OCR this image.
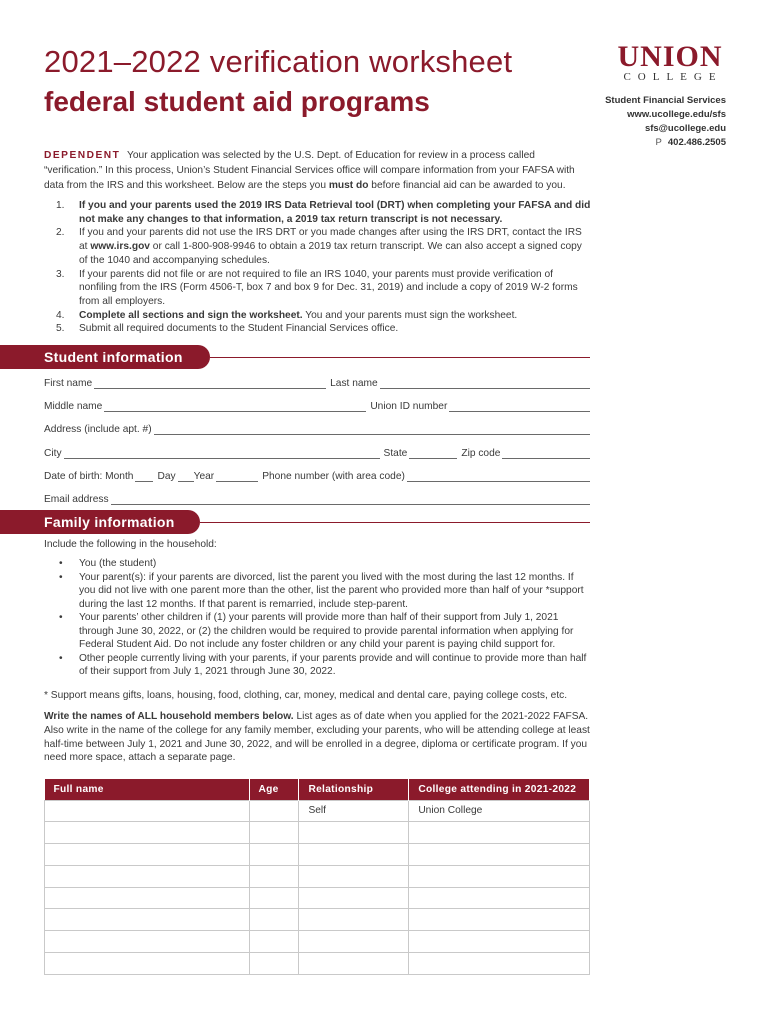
2021–2022 verification worksheet
federal student aid programs
UNION
COLLEGE
Student Financial Services
www.ucollege.edu/sfs
sfs@ucollege.edu
P 402.486.2505
DEPENDENT Your application was selected by the U.S. Dept. of Education for review in a process called “verification.” In this process, Union’s Student Financial Services office will compare information from your FAFSA with data from the IRS and this worksheet. Below are the steps you must do before financial aid can be awarded to you.
1. If you and your parents used the 2019 IRS Data Retrieval tool (DRT) when completing your FAFSA and did not make any changes to that information, a 2019 tax return transcript is not necessary.
2. If you and your parents did not use the IRS DRT or you made changes after using the IRS DRT, contact the IRS at www.irs.gov or call 1-800-908-9946 to obtain a 2019 tax return transcript. We can also accept a signed copy of the 1040 and accompanying schedules.
3. If your parents did not file or are not required to file an IRS 1040, your parents must provide verification of nonfiling from the IRS (Form 4506-T, box 7 and box 9 for Dec. 31, 2019) and include a copy of 2019 W-2 forms from all employers.
4. Complete all sections and sign the worksheet. You and your parents must sign the worksheet.
5. Submit all required documents to the Student Financial Services office.
Student information
First name	Last name
Middle name	Union ID number
Address (include apt. #)
City	State	Zip code
Date of birth: Month Day Year	Phone number (with area code)
Email address
Family information
Include the following in the household:
• You (the student)
• Your parent(s): if your parents are divorced, list the parent you lived with the most during the last 12 months. If you did not live with one parent more than the other, list the parent who provided more than half of your *support during the last 12 months. If that parent is remarried, include step-parent.
• Your parents’ other children if (1) your parents will provide more than half of their support from July 1, 2021 through June 30, 2022, or (2) the children would be required to provide parental information when applying for Federal Student Aid. Do not include any foster children or any child your parent is paying child support for.
• Other people currently living with your parents, if your parents provide and will continue to provide more than half of their support from July 1, 2021 through June 30, 2022.
* Support means gifts, loans, housing, food, clothing, car, money, medical and dental care, paying college costs, etc.
Write the names of ALL household members below. List ages as of date when you applied for the 2021-2022 FAFSA. Also write in the name of the college for any family member, excluding your parents, who will be attending college at least half-time between July 1, 2021 and June 30, 2022, and will be enrolled in a degree, diploma or certificate program. If you need more space, attach a separate page.
Full name	Age	Relationship	College attending in 2021-2022
		Self	Union College
